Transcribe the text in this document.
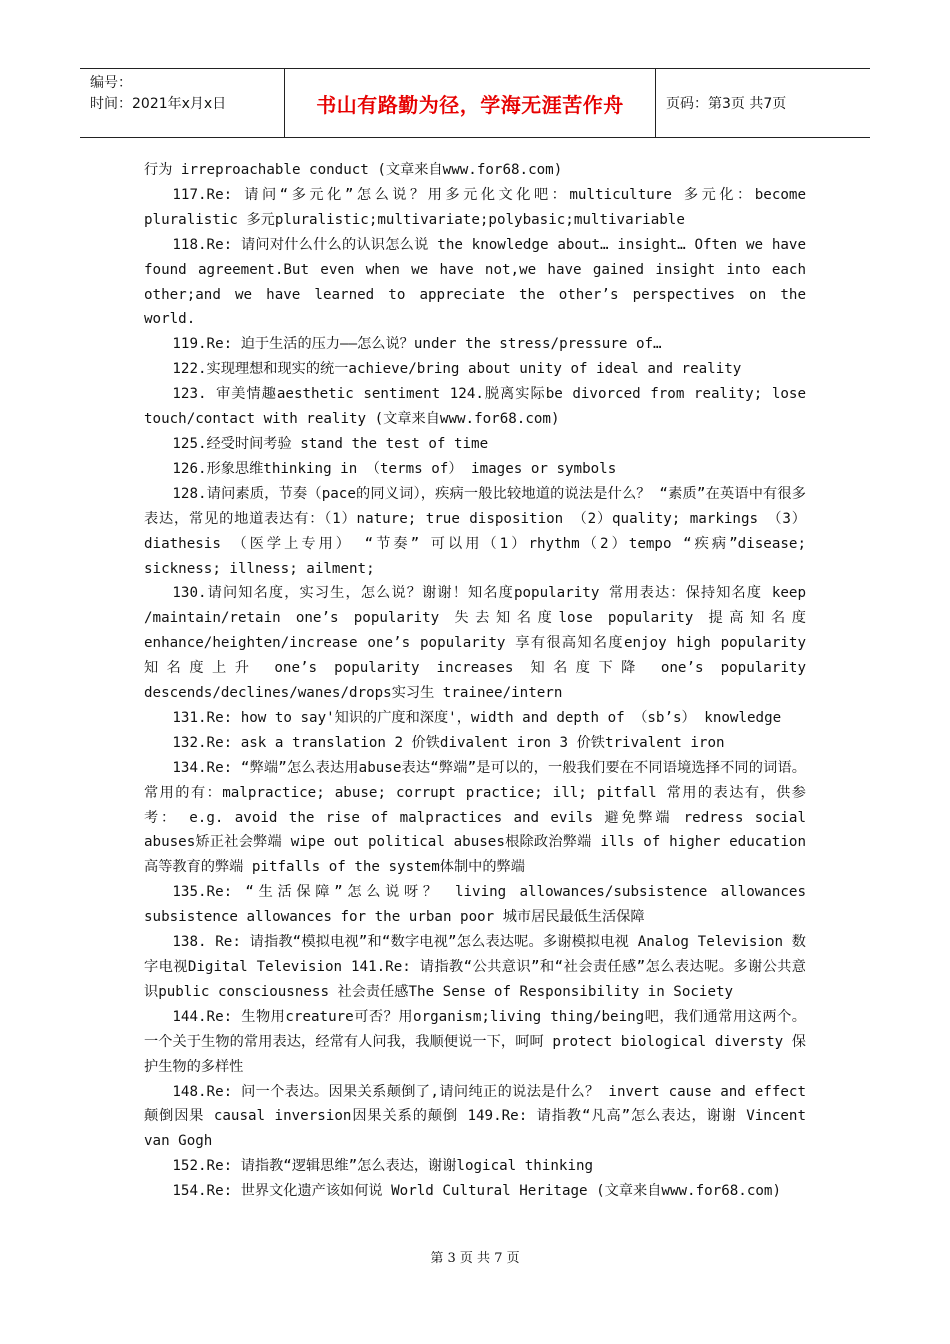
编号：
时间：2021年x月x日	书山有路勤为径，学海无涯苦作舟	页码：第3页 共7页

行为 irreproachable conduct (文章来自www.for68.com)

117.Re: 请问“多元化”怎么说？用多元化文化吧：multiculture 多元化：become pluralistic 多元pluralistic;multivariate;polybasic;multivariable

118.Re: 请问对什么什么的认识怎么说 the knowledge about… insight… Often we have found agreement.But even when we have not,we have gained insight into each other;and we have learned to appreciate the other’s perspectives on the world.

119.Re: 迫于生活的压力——怎么说？under the stress/pressure of…

122.实现理想和现实的统一achieve/bring about unity of ideal and reality

123. 审美情趣aesthetic sentiment 124.脱离实际be divorced from reality; lose touch/contact with reality (文章来自www.for68.com)

125.经受时间考验 stand the test of time

126.形象思维thinking in （terms of） images or symbols

128.请问素质，节奏（pace的同义词），疾病一般比较地道的说法是什么？ “素质”在英语中有很多表达，常见的地道表达有：（1）nature; true disposition （2）quality; markings （3） diathesis （医学上专用） “节奏” 可以用（1）rhythm（2）tempo “疾病”disease; sickness; illness; ailment;

130.请问知名度，实习生，怎么说？谢谢！知名度popularity 常用表达：保持知名度 keep /maintain/retain one’s popularity 失去知名度lose popularity 提高知名度enhance/heighten/increase one’s popularity 享有很高知名度enjoy high popularity 知名度上升 one’s popularity increases 知名度下降 one’s popularity descends/declines/wanes/drops实习生 trainee/intern

131.Re: how to say'知识的广度和深度'，width and depth of （sb’s） knowledge

132.Re: ask a translation 2 价铁divalent iron 3 价铁trivalent iron

134.Re: “弊端”怎么表达用abuse表达“弊端”是可以的，一般我们要在不同语境选择不同的词语。常用的有：malpractice; abuse; corrupt practice; ill; pitfall 常用的表达有，供参考： e.g. avoid the rise of malpractices and evils 避免弊端 redress social abuses矫正社会弊端 wipe out political abuses根除政治弊端 ills of higher education高等教育的弊端 pitfalls of the system体制中的弊端

135.Re: “生活保障”怎么说呀？ living allowances/subsistence allowances subsistence allowances for the urban poor 城市居民最低生活保障

138. Re: 请指教“模拟电视”和“数字电视”怎么表达呢。多谢模拟电视 Analog Television 数字电视Digital Television 141.Re: 请指教“公共意识”和“社会责任感”怎么表达呢。多谢公共意识public consciousness 社会责任感The Sense of Responsibility in Society

144.Re: 生物用creature可否？用organism;living thing/being吧，我们通常用这两个。一个关于生物的常用表达，经常有人问我，我顺便说一下，呵呵 protect biological diversty 保护生物的多样性

148.Re: 问一个表达。因果关系颠倒了,请问纯正的说法是什么？ invert cause and effect颠倒因果 causal inversion因果关系的颠倒 149.Re: 请指教“凡高”怎么表达，谢谢 Vincent van Gogh

152.Re: 请指教“逻辑思维”怎么表达，谢谢logical thinking

154.Re: 世界文化遗产该如何说 World Cultural Heritage (文章来自www.for68.com)

第 3 页 共 7 页
